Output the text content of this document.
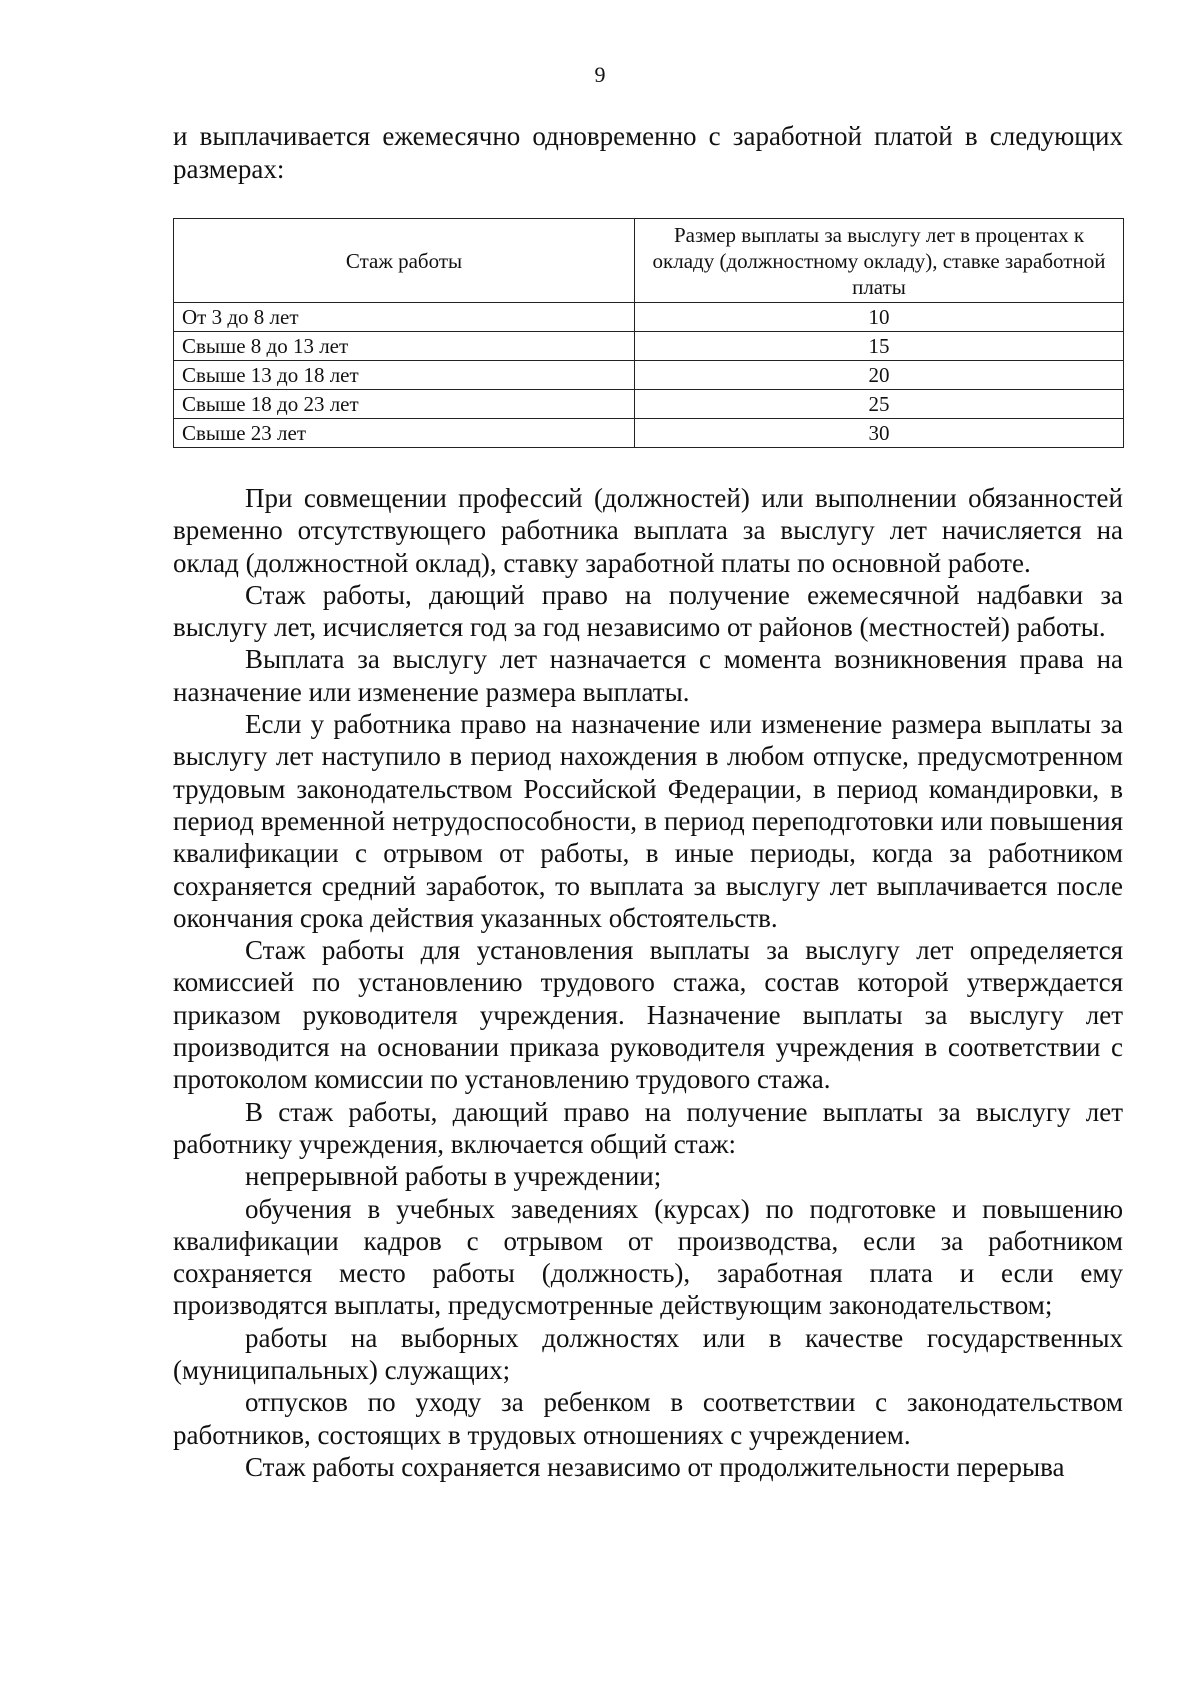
9
и выплачивается ежемесячно одновременно с заработной платой в следующих размерах:
Стаж работы	Размер выплаты за выслугу лет в процентах к окладу (должностному окладу), ставке заработной платы
От 3 до 8 лет	10
Свыше 8 до 13 лет	15
Свыше 13 до 18 лет	20
Свыше 18 до 23 лет	25
Свыше 23 лет	30

При совмещении профессий (должностей) или выполнении обязанностей временно отсутствующего работника выплата за выслугу лет начисляется на оклад (должностной оклад), ставку заработной платы по основной работе.

Стаж работы, дающий право на получение ежемесячной надбавки за выслугу лет, исчисляется год за год независимо от районов (местностей) работы.

Выплата за выслугу лет назначается с момента возникновения права на назначение или изменение размера выплаты.

Если у работника право на назначение или изменение размера выплаты за выслугу лет наступило в период нахождения в любом отпуске, предусмотренном трудовым законодательством Российской Федерации, в период командировки, в период временной нетрудоспособности, в период переподготовки или повышения квалификации с отрывом от работы, в иные периоды, когда за работником сохраняется средний заработок, то выплата за выслугу лет выплачивается после окончания срока действия указанных обстоятельств.

Стаж работы для установления выплаты за выслугу лет определяется комиссией по установлению трудового стажа, состав которой утверждается приказом руководителя учреждения. Назначение выплаты за выслугу лет производится на основании приказа руководителя учреждения в соответствии с протоколом комиссии по установлению трудового стажа.

В стаж работы, дающий право на получение выплаты за выслугу лет работнику учреждения, включается общий стаж:

непрерывной работы в учреждении;

обучения в учебных заведениях (курсах) по подготовке и повышению квалификации кадров с отрывом от производства, если за работником сохраняется место работы (должность), заработная плата и если ему производятся выплаты, предусмотренные действующим законодательством;

работы на выборных должностях или в качестве государственных (муниципальных) служащих;

отпусков по уходу за ребенком в соответствии с законодательством работников, состоящих в трудовых отношениях с учреждением.

Стаж работы сохраняется независимо от продолжительности перерыва
